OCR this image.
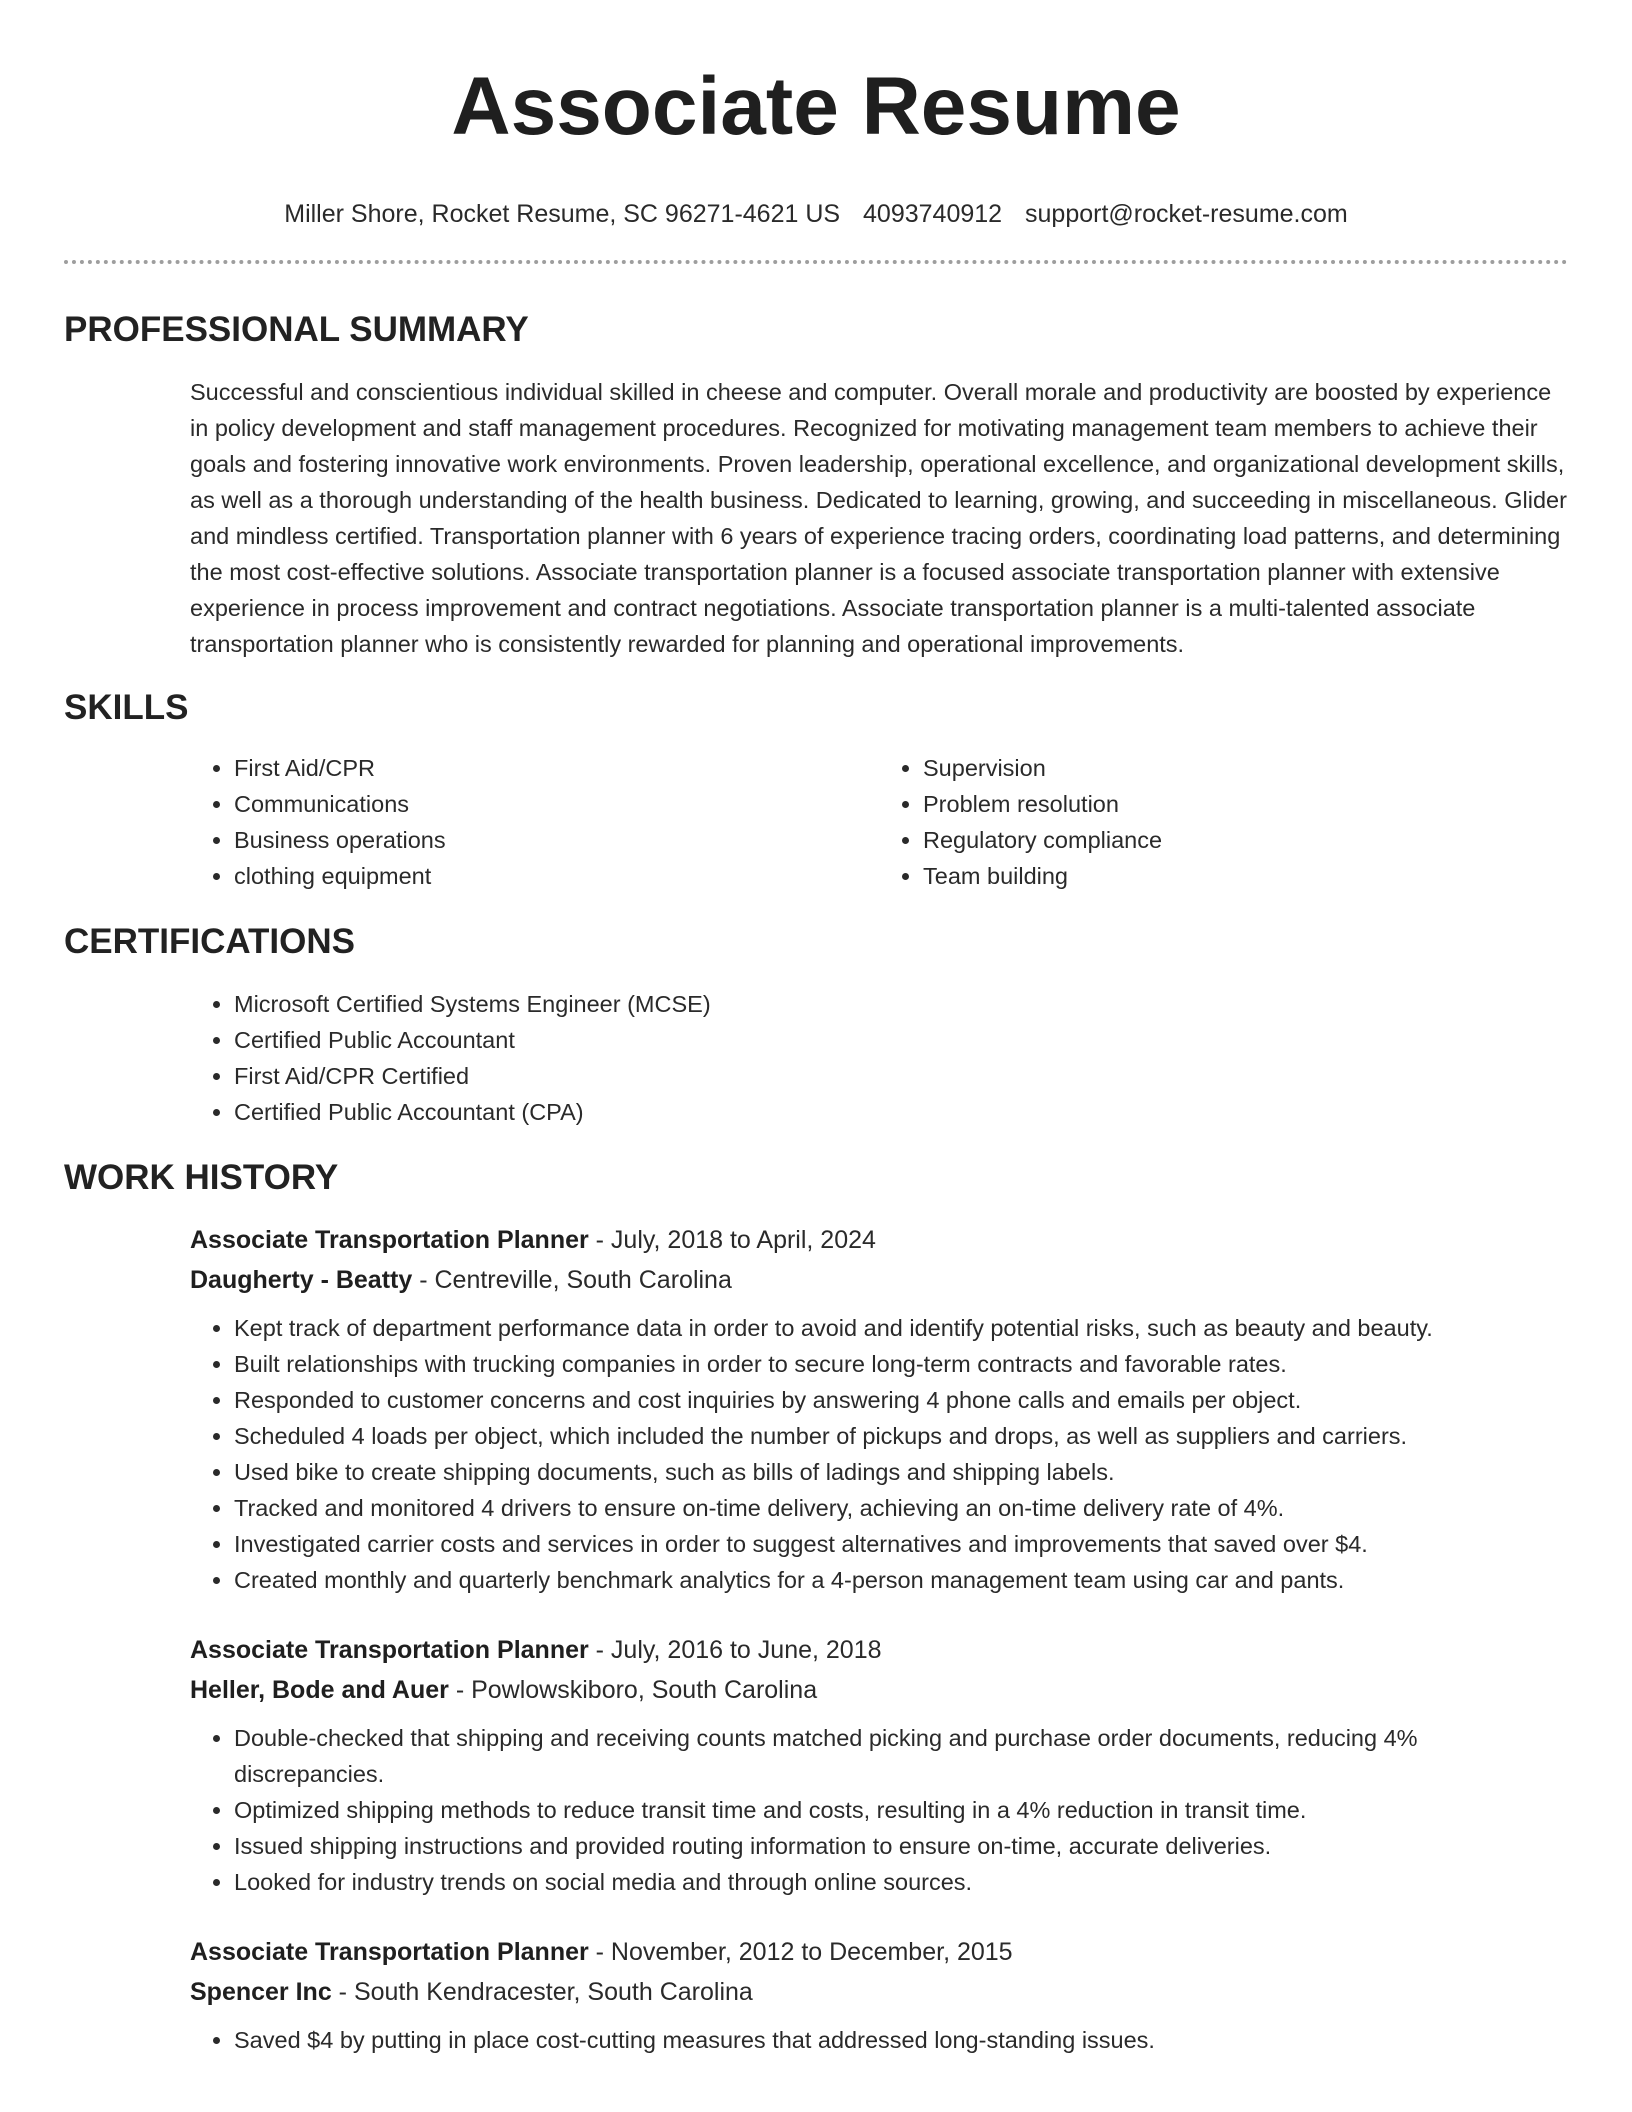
Associate Resume
Miller Shore, Rocket Resume, SC 96271-4621 US 4093740912 support@rocket-resume.com
PROFESSIONAL SUMMARY

Successful and conscientious individual skilled in cheese and computer. Overall morale and productivity are boosted by experience in policy development and staff management procedures. Recognized for motivating management team members to achieve their goals and fostering innovative work environments. Proven leadership, operational excellence, and organizational development skills, as well as a thorough understanding of the health business. Dedicated to learning, growing, and succeeding in miscellaneous. Glider and mindless certified. Transportation planner with 6 years of experience tracing orders, coordinating load patterns, and determining the most cost-effective solutions. Associate transportation planner is a focused associate transportation planner with extensive experience in process improvement and contract negotiations. Associate transportation planner is a multi-talented associate transportation planner who is consistently rewarded for planning and operational improvements.

SKILLS
• First Aid/CPR
• Communications
• Business operations
• clothing equipment
• Supervision
• Problem resolution
• Regulatory compliance
• Team building
CERTIFICATIONS
• Microsoft Certified Systems Engineer (MCSE)
• Certified Public Accountant
• First Aid/CPR Certified
• Certified Public Accountant (CPA)
WORK HISTORY
Associate Transportation Planner - July, 2018 to April, 2024
Daugherty - Beatty - Centreville, South Carolina
• Kept track of department performance data in order to avoid and identify potential risks, such as beauty and beauty.
• Built relationships with trucking companies in order to secure long-term contracts and favorable rates.
• Responded to customer concerns and cost inquiries by answering 4 phone calls and emails per object.
• Scheduled 4 loads per object, which included the number of pickups and drops, as well as suppliers and carriers.
• Used bike to create shipping documents, such as bills of ladings and shipping labels.
• Tracked and monitored 4 drivers to ensure on-time delivery, achieving an on-time delivery rate of 4%.
• Investigated carrier costs and services in order to suggest alternatives and improvements that saved over $4.
• Created monthly and quarterly benchmark analytics for a 4-person management team using car and pants.
Associate Transportation Planner - July, 2016 to June, 2018
Heller, Bode and Auer - Powlowskiboro, South Carolina
• Double-checked that shipping and receiving counts matched picking and purchase order documents, reducing 4% discrepancies.
• Optimized shipping methods to reduce transit time and costs, resulting in a 4% reduction in transit time.
• Issued shipping instructions and provided routing information to ensure on-time, accurate deliveries.
• Looked for industry trends on social media and through online sources.
Associate Transportation Planner - November, 2012 to December, 2015
Spencer Inc - South Kendracester, South Carolina
• Saved $4 by putting in place cost-cutting measures that addressed long-standing issues.
